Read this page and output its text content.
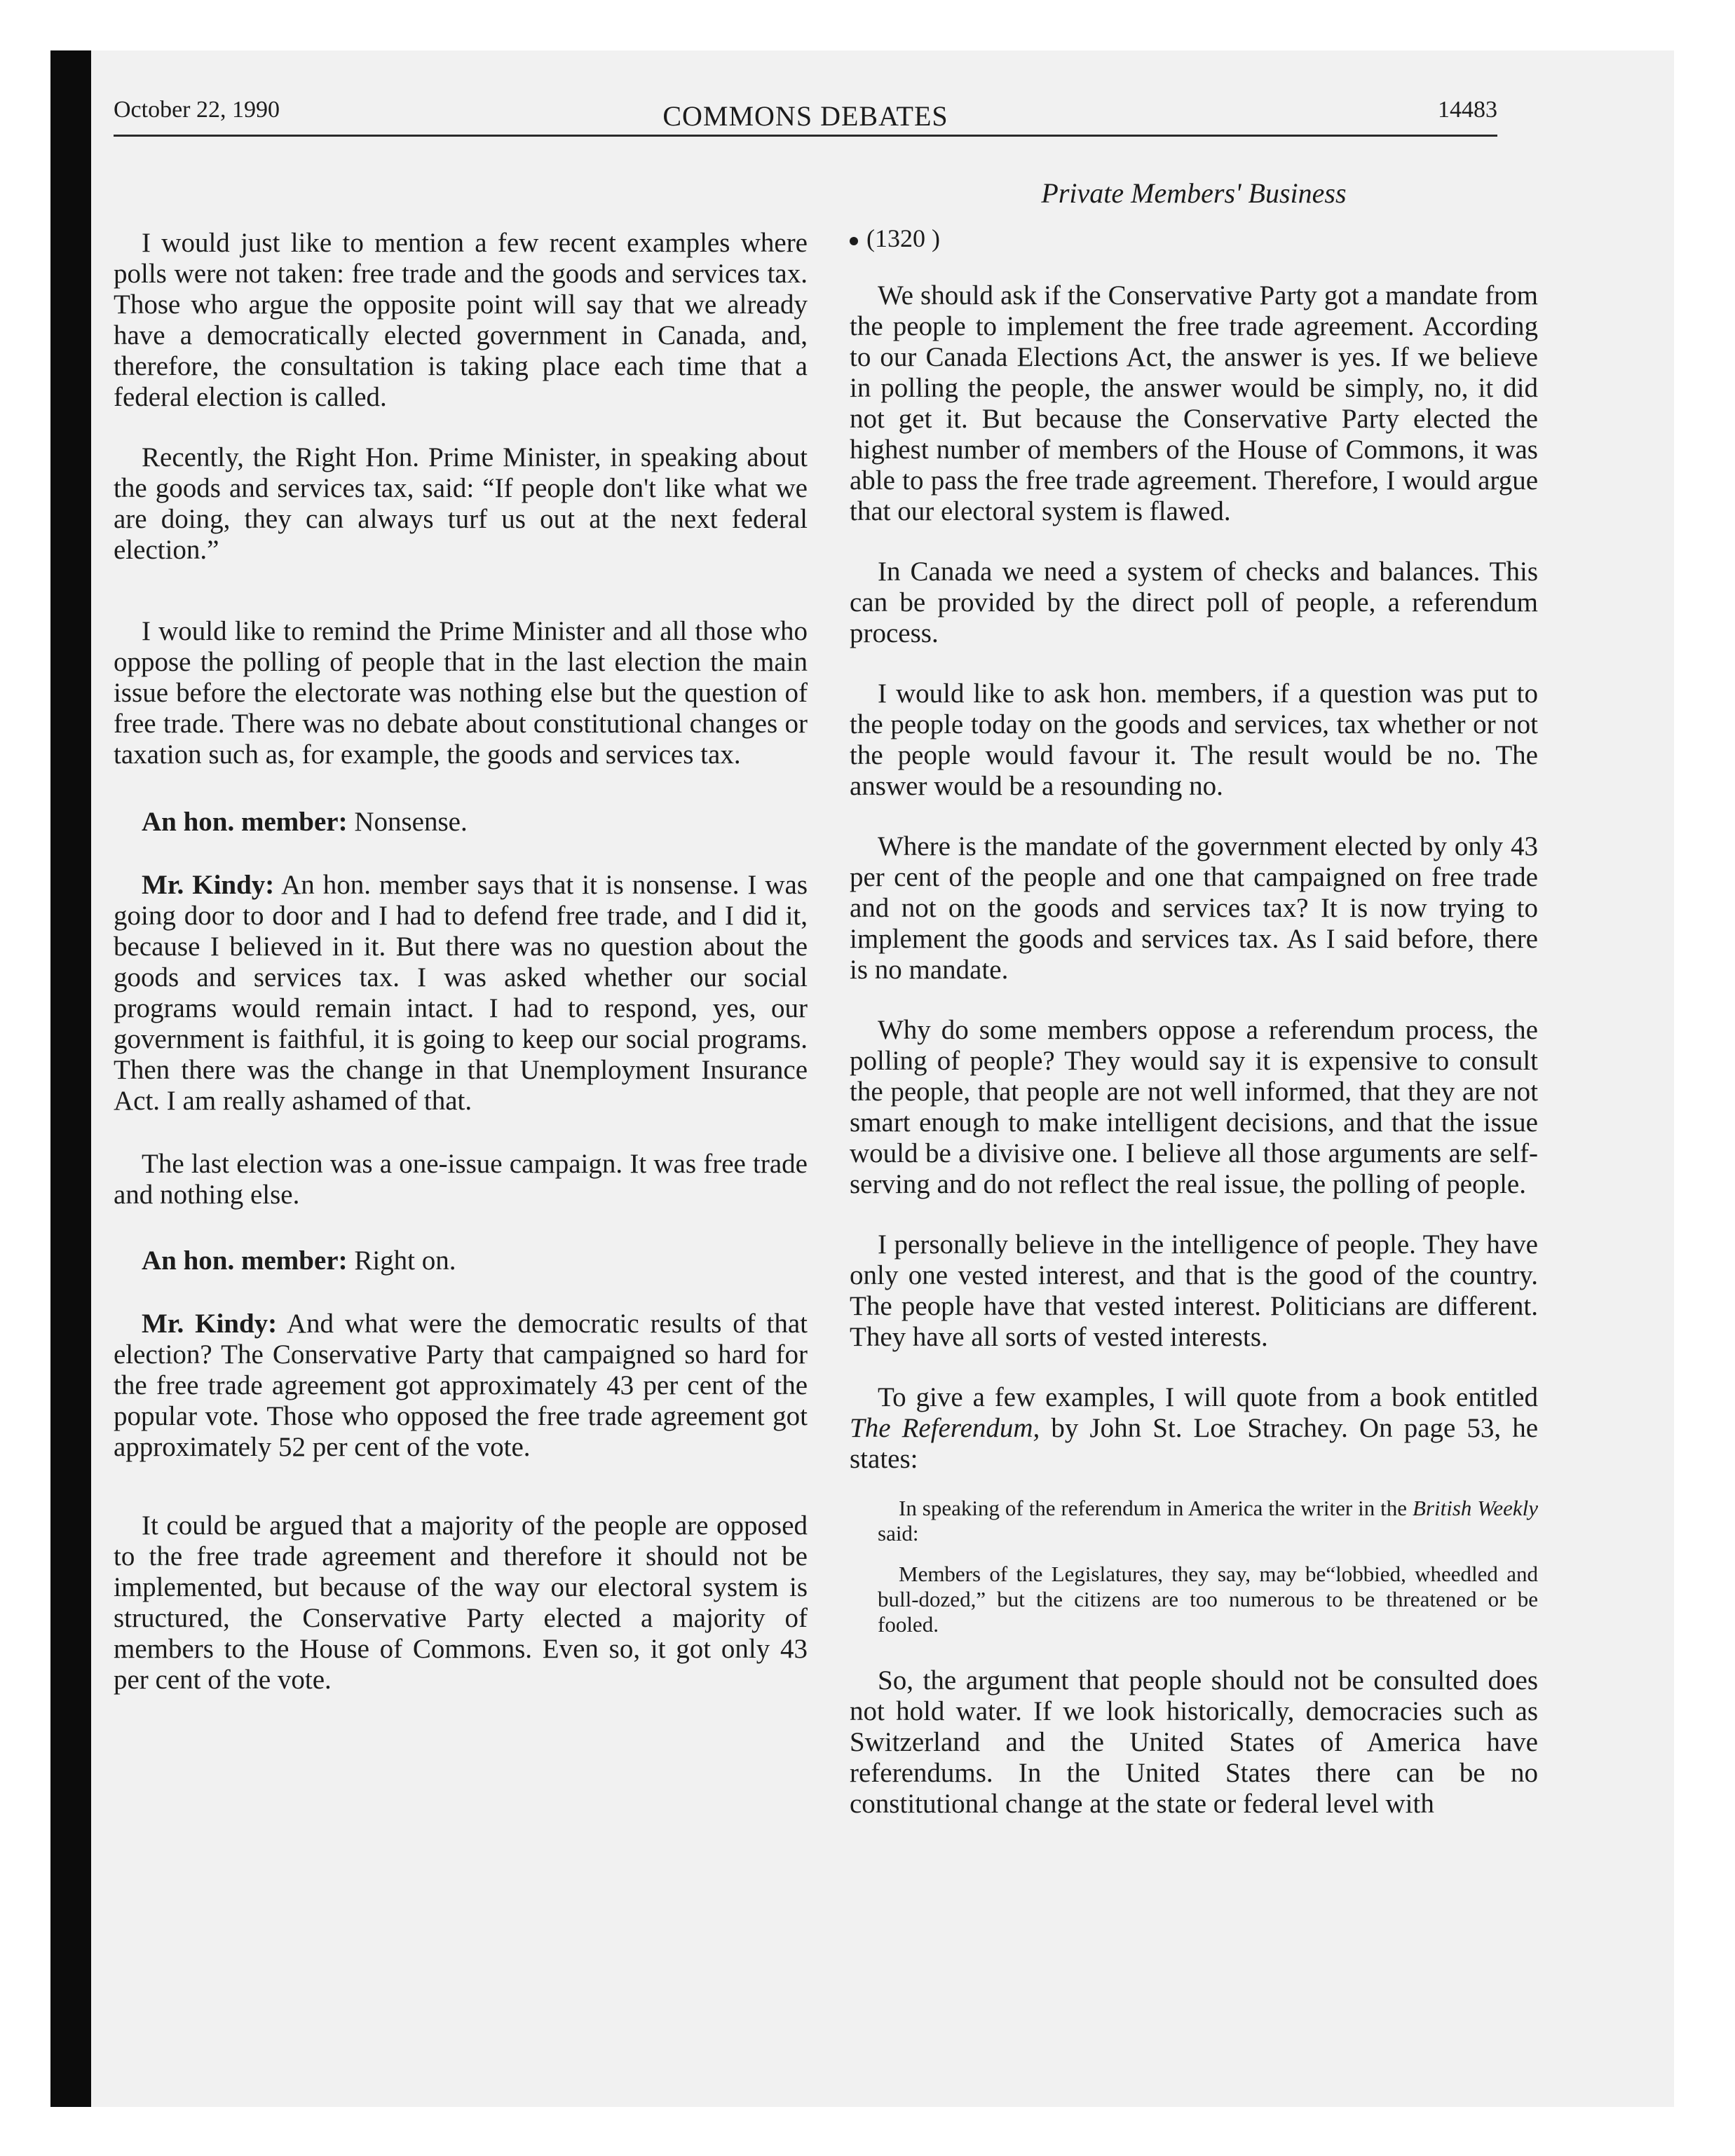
October 22, 1990	COMMONS DEBATES	14483
Private Members' Business

I would just like to mention a few recent examples where polls were not taken: free trade and the goods and services tax. Those who argue the opposite point will say that we already have a democratically elected government in Canada, and, therefore, the consultation is taking place each time that a federal election is called.

Recently, the Right Hon. Prime Minister, in speaking about the goods and services tax, said: “If people don't like what we are doing, they can always turf us out at the next federal election.”

I would like to remind the Prime Minister and all those who oppose the polling of people that in the last election the main issue before the electorate was nothing else but the question of free trade. There was no debate about constitutional changes or taxation such as, for example, the goods and services tax.

An hon. member: Nonsense.

Mr. Kindy: An hon. member says that it is nonsense. I was going door to door and I had to defend free trade, and I did it, because I believed in it. But there was no question about the goods and services tax. I was asked whether our social programs would remain intact. I had to respond, yes, our government is faithful, it is going to keep our social programs. Then there was the change in that Unemployment Insurance Act. I am really ashamed of that.

The last election was a one-issue campaign. It was free trade and nothing else.

An hon. member: Right on.

Mr. Kindy: And what were the democratic results of that election? The Conservative Party that campaigned so hard for the free trade agreement got approximately 43 per cent of the popular vote. Those who opposed the free trade agreement got approximately 52 per cent of the vote.

It could be argued that a majority of the people are opposed to the free trade agreement and therefore it should not be implemented, but because of the way our electoral system is structured, the Conservative Party elected a majority of members to the House of Commons. Even so, it got only 43 per cent of the vote.

(1320 )

We should ask if the Conservative Party got a mandate from the people to implement the free trade agreement. According to our Canada Elections Act, the answer is yes. If we believe in polling the people, the answer would be simply, no, it did not get it. But because the Conservative Party elected the highest number of members of the House of Commons, it was able to pass the free trade agreement. Therefore, I would argue that our electoral system is flawed.

In Canada we need a system of checks and balances. This can be provided by the direct poll of people, a referendum process.

I would like to ask hon. members, if a question was put to the people today on the goods and services, tax whether or not the people would favour it. The result would be no. The answer would be a resounding no.

Where is the mandate of the government elected by only 43 per cent of the people and one that campaigned on free trade and not on the goods and services tax? It is now trying to implement the goods and services tax. As I said before, there is no mandate.

Why do some members oppose a referendum process, the polling of people? They would say it is expensive to consult the people, that people are not well informed, that they are not smart enough to make intelligent decisions, and that the issue would be a divisive one. I believe all those arguments are self-serving and do not reflect the real issue, the polling of people.

I personally believe in the intelligence of people. They have only one vested interest, and that is the good of the country. The people have that vested interest. Politicians are different. They have all sorts of vested interests.

To give a few examples, I will quote from a book entitled The Referendum, by John St. Loe Strachey. On page 53, he states:

In speaking of the referendum in America the writer in the British Weekly said:

Members of the Legislatures, they say, may be“lobbied, wheedled and bull-dozed,” but the citizens are too numerous to be threatened or be fooled.

So, the argument that people should not be consulted does not hold water. If we look historically, democracies such as Switzerland and the United States of America have referendums. In the United States there can be no constitutional change at the state or federal level with
